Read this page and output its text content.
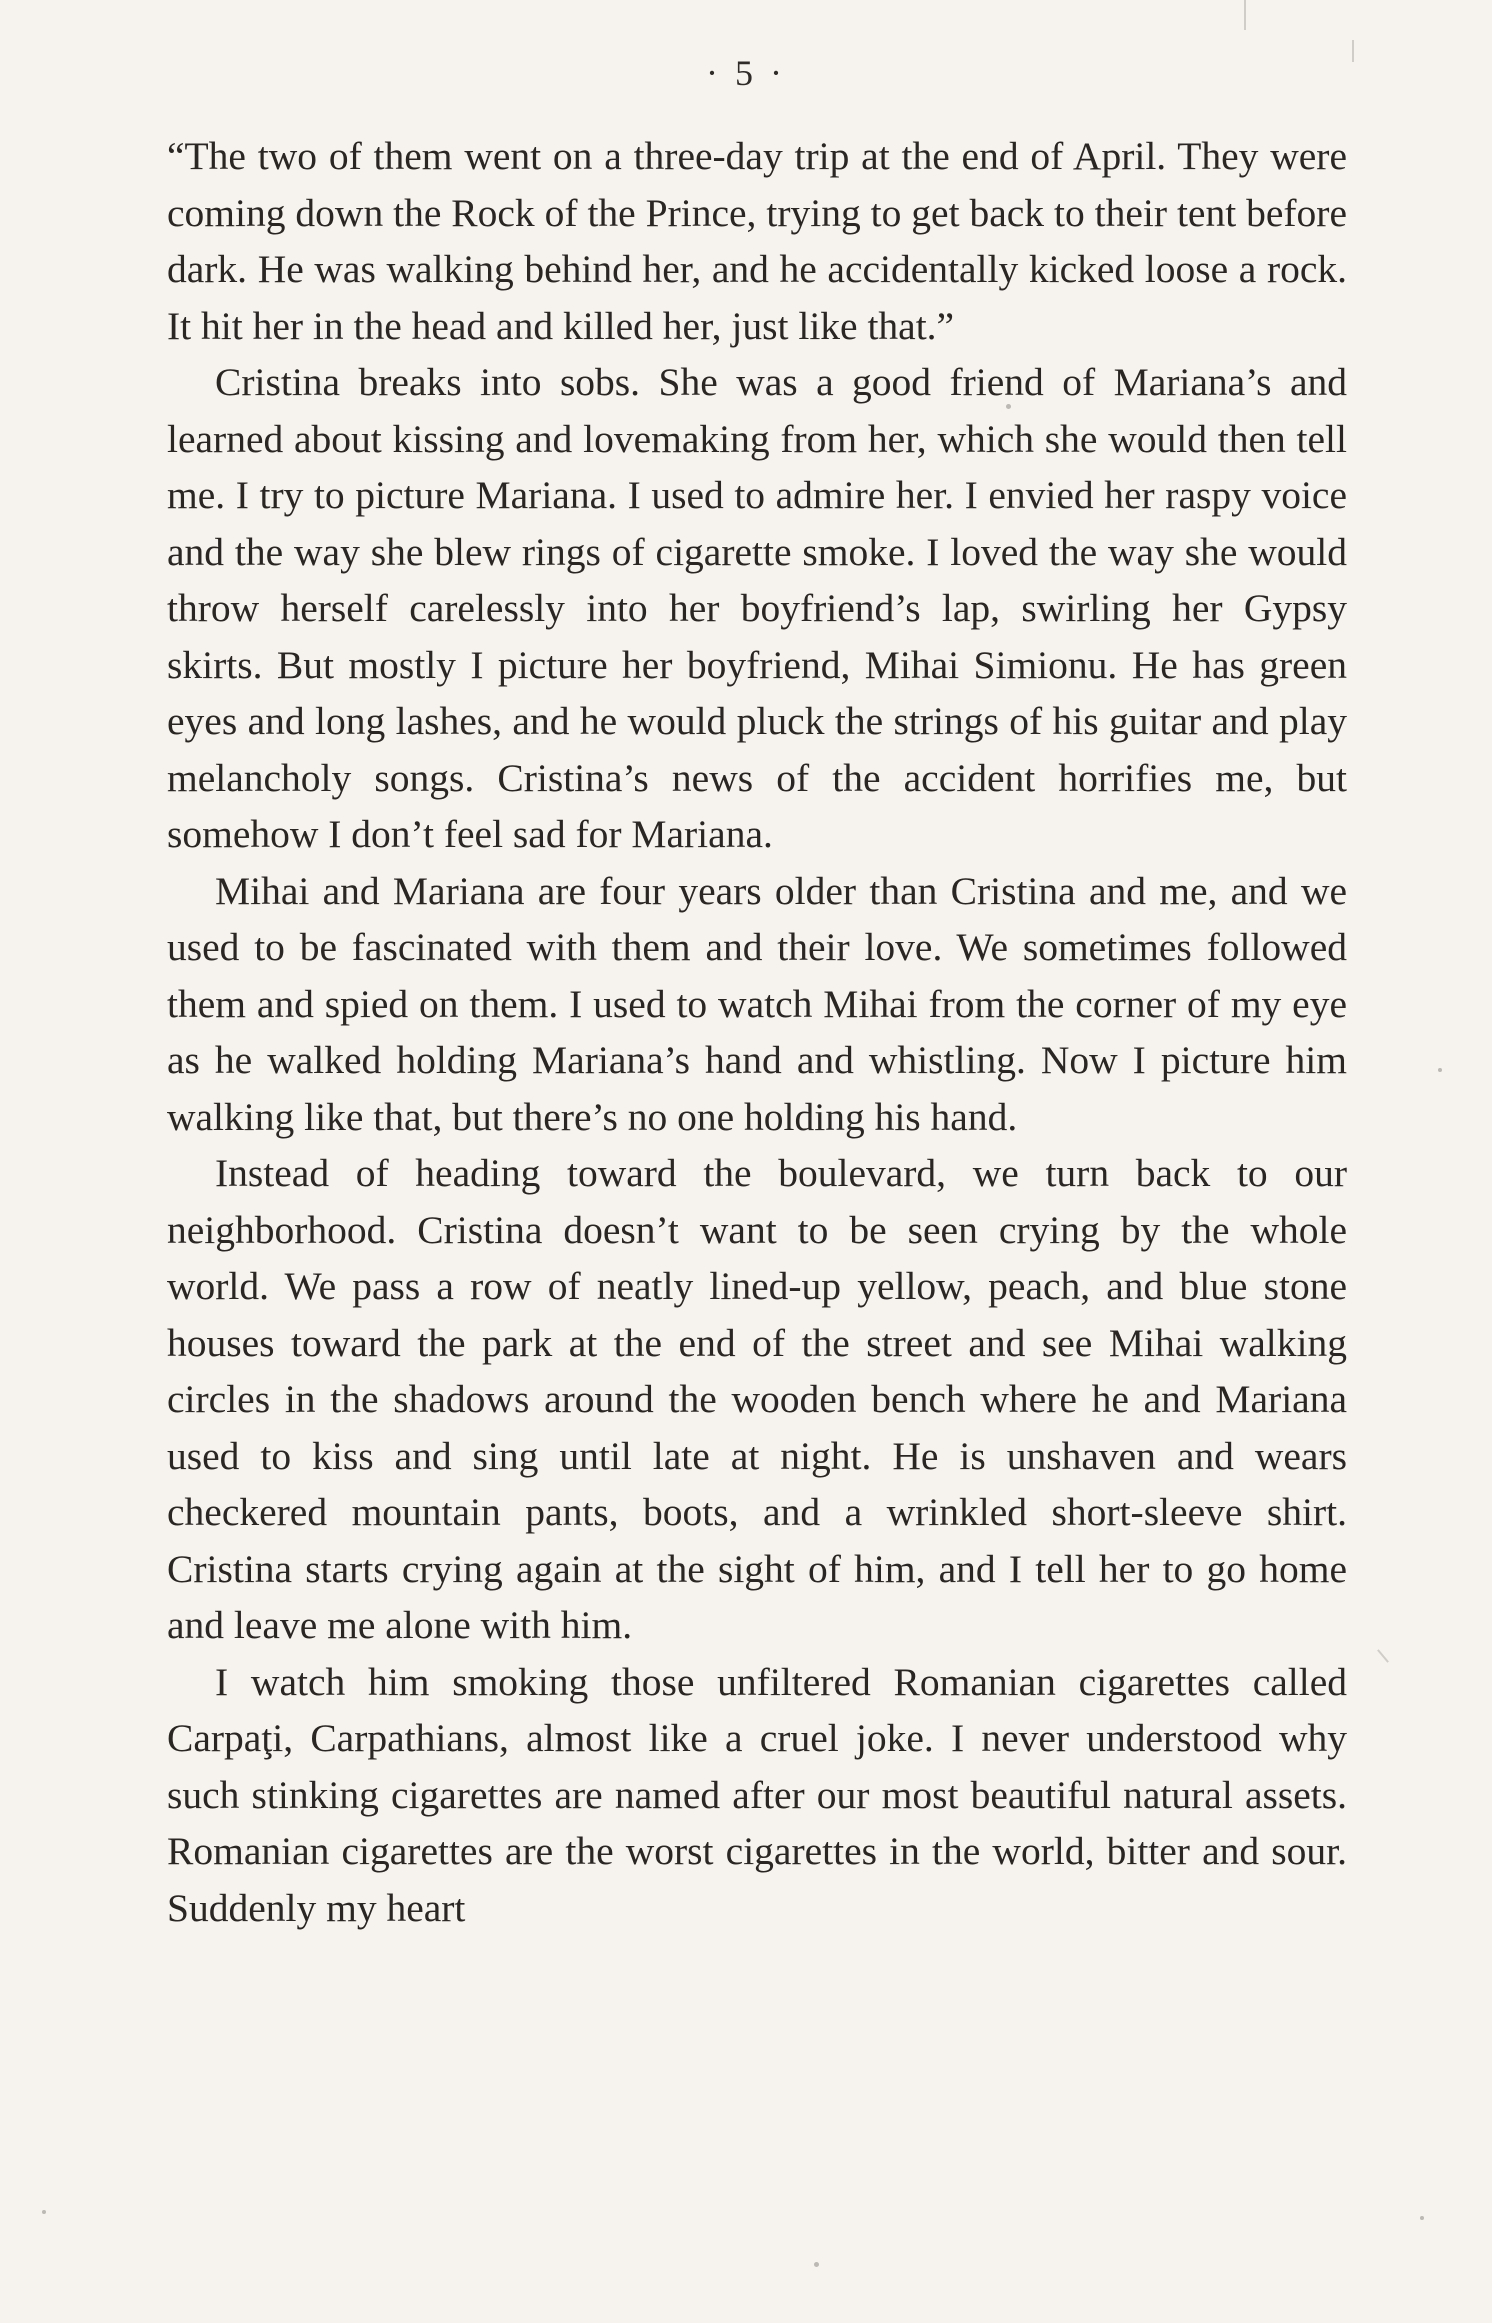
· 5 ·

“The two of them went on a three-day trip at the end of April. They were coming down the Rock of the Prince, trying to get back to their tent before dark. He was walking behind her, and he accidentally kicked loose a rock. It hit her in the head and killed her, just like that.”

Cristina breaks into sobs. She was a good friend of Mariana’s and learned about kissing and lovemaking from her, which she would then tell me. I try to picture Mariana. I used to admire her. I envied her raspy voice and the way she blew rings of cigarette smoke. I loved the way she would throw herself carelessly into her boyfriend’s lap, swirling her Gypsy skirts. But mostly I picture her boyfriend, Mihai Simionu. He has green eyes and long lashes, and he would pluck the strings of his guitar and play melancholy songs. Cristina’s news of the accident horrifies me, but somehow I don’t feel sad for Mariana.

Mihai and Mariana are four years older than Cristina and me, and we used to be fascinated with them and their love. We sometimes followed them and spied on them. I used to watch Mihai from the corner of my eye as he walked holding Mariana’s hand and whistling. Now I picture him walking like that, but there’s no one holding his hand.

Instead of heading toward the boulevard, we turn back to our neighborhood. Cristina doesn’t want to be seen crying by the whole world. We pass a row of neatly lined-up yellow, peach, and blue stone houses toward the park at the end of the street and see Mihai walking circles in the shadows around the wooden bench where he and Mariana used to kiss and sing until late at night. He is unshaven and wears checkered mountain pants, boots, and a wrinkled short-sleeve shirt. Cristina starts crying again at the sight of him, and I tell her to go home and leave me alone with him.

I watch him smoking those unfiltered Romanian cigarettes called Carpaţi, Carpathians, almost like a cruel joke. I never understood why such stinking cigarettes are named after our most beautiful natural assets. Romanian cigarettes are the worst cigarettes in the world, bitter and sour. Suddenly my heart
